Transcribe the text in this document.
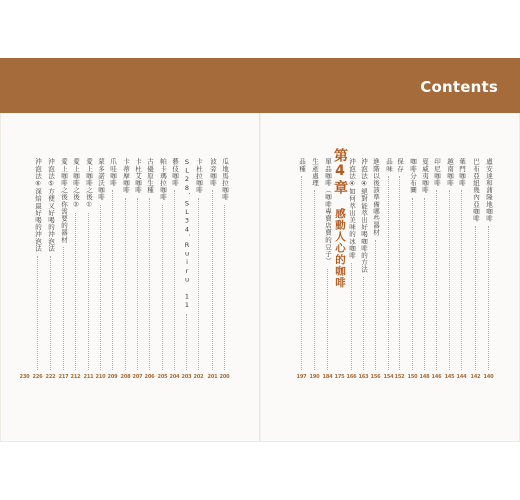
Contents
盧安達和蒲隆地咖啡
140
巴布亞紐幾內亞咖啡
142
葉門咖啡
144
越南咖啡
145
印尼咖啡
146
夏威夷咖啡
148
咖啡分布圖
150
保存
152
品味
154
進階以後該準備哪些器材
156
沖泡法④絕對能萃出好喝咖啡的方法
163
沖泡法④如何萃出美味的冰咖啡
166
175
單品咖啡（咖啡專賣店賣的豆子）
184
生產處理
190
品種
197
瓜地馬拉咖啡
200
波旁咖啡
201
卡杜拉咖啡
202
SL28．SL34．Ruiru 11
203
藝伎咖啡
204
帕卡瑪拉咖啡
205
古優原生種
206
卡杜艾咖啡
207
卡蒂摩咖啡
208
爪哇咖啡
209
蒙多諾沃咖啡
210
愛上咖啡之後①
211
愛上咖啡之後②
212
愛上咖啡之後你需要的器材
217
沖泡法⑤方便又好喝的沖泡法
222
沖泡法⑥深焙最好喝的沖泡法
226
230
第4章 感動人心的咖啡
